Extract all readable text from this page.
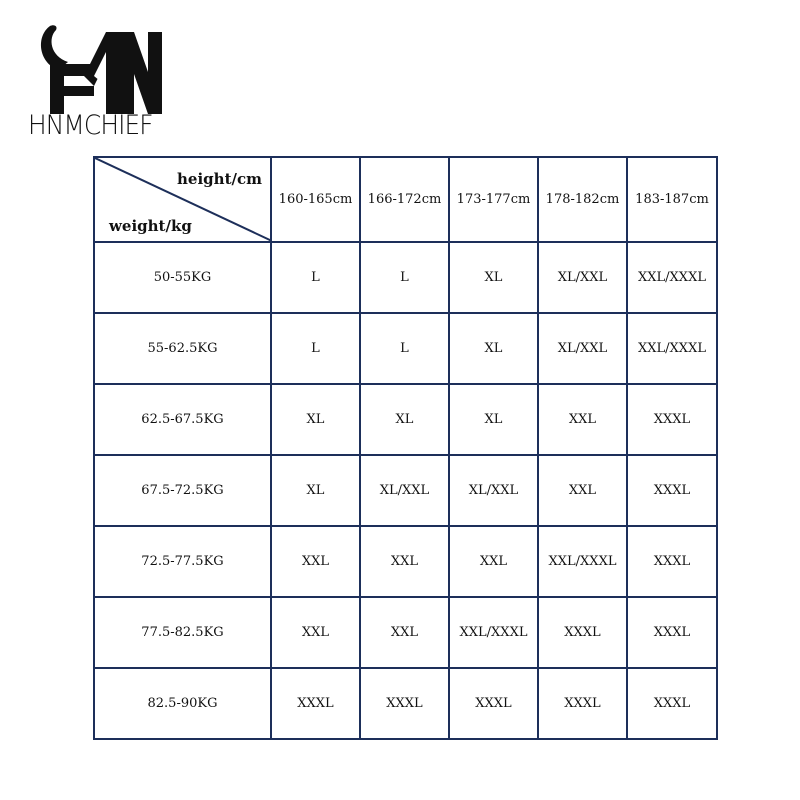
HNMCHIEF
height/cm
weight/kg	160-165cm	166-172cm	173-177cm	178-182cm	183-187cm
50-55KG	L	L	XL	XL/XXL	XXL/XXXL
55-62.5KG	L	L	XL	XL/XXL	XXL/XXXL
62.5-67.5KG	XL	XL	XL	XXL	XXXL
67.5-72.5KG	XL	XL/XXL	XL/XXL	XXL	XXXL
72.5-77.5KG	XXL	XXL	XXL	XXL/XXXL	XXXL
77.5-82.5KG	XXL	XXL	XXL/XXXL	XXXL	XXXL
82.5-90KG	XXXL	XXXL	XXXL	XXXL	XXXL
